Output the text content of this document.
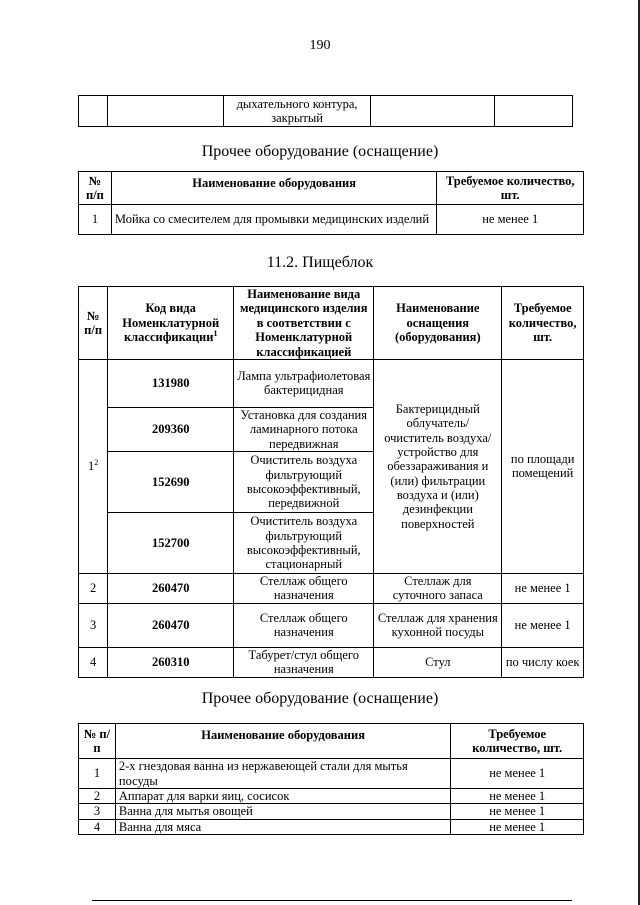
190
		дыхательного контура, закрытый		
Прочее оборудование (оснащение)
№ п/п	Наименование оборудования	Требуемое количество, шт.
1	Мойка со смесителем для промывки медицинских изделий	не менее 1
11.2. Пищеблок
№ п/п	Код вида Номенклатурной классификации$^1$	Наименование вида медицинского изделия в соответствии с Номенклатурной классификацией	Наименование оснащения (оборудования)	Требуемое количество, шт.
$1^2$	131980	Лампа ультрафиолетовая бактерицидная	Бактерицидный облучатель/ очиститель воздуха/ устройство для обеззараживания и (или) фильтрации воздуха и (или) дезинфекции поверхностей	по площади помещений
	209360	Установка для создания ламинарного потока передвижная		
	152690	Очиститель воздуха фильтрующий высокоэффективный, передвижной		
	152700	Очиститель воздуха фильтрующий высокоэффективный, стационарный		
2	260470	Стеллаж общего назначения	Стеллаж для суточного запаса	не менее 1
3	260470	Стеллаж общего назначения	Стеллаж для хранения кухонной посуды	не менее 1
4	260310	Табурет/стул общего назначения	Стул	по числу коек
Прочее оборудование (оснащение)
№ п/п	Наименование оборудования	Требуемое количество, шт.
1	2-х гнездовая ванна из нержавеющей стали для мытья посуды	не менее 1
2	Аппарат для варки яиц, сосисок	не менее 1
3	Ванна для мытья овощей	не менее 1
4	Ванна для мяса	не менее 1
